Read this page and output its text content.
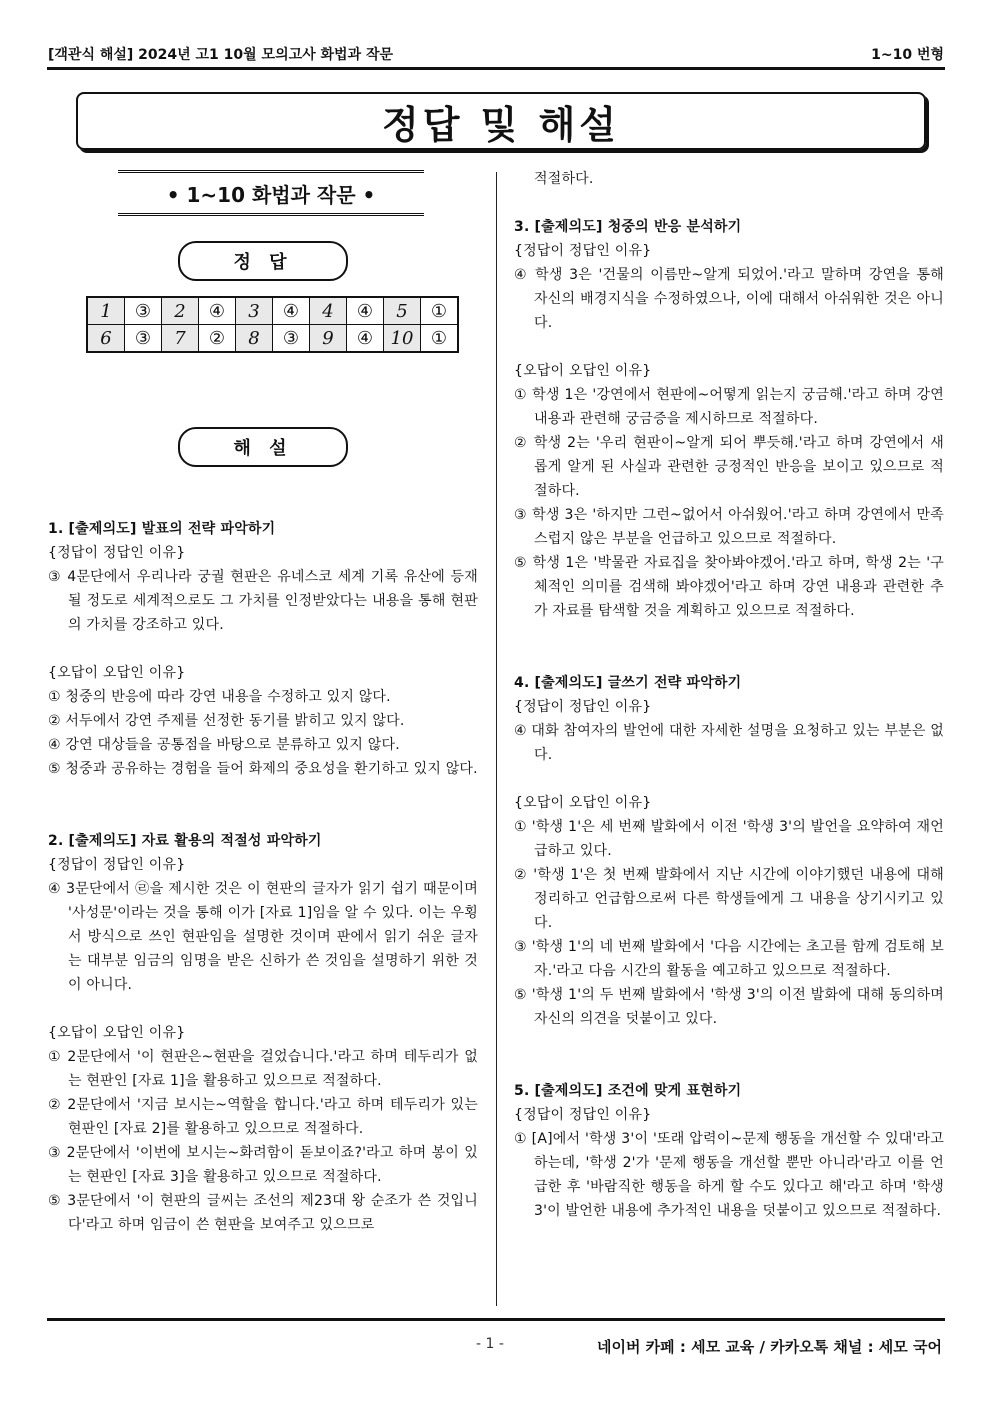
[객관식 해설] 2024년 고1 10월 모의고사 화법과 작문	1~10 번형
정답 및 해설
• 1~10 화법과 작문 •
정 답
1	③	2	④	3	④	4	④	5	①
6	③	7	②	8	③	9	④	10	①
해 설
1. [출제의도] 발표의 전략 파악하기
{정답이 정답인 이유}
③ 4문단에서 우리나라 궁궐 현판은 유네스코 세계 기록 유산에 등재될 정도로 세계적으로도 그 가치를 인정받았다는 내용을 통해 현판의 가치를 강조하고 있다.
{오답이 오답인 이유}
① 청중의 반응에 따라 강연 내용을 수정하고 있지 않다.
② 서두에서 강연 주제를 선정한 동기를 밝히고 있지 않다.
④ 강연 대상들을 공통점을 바탕으로 분류하고 있지 않다.
⑤ 청중과 공유하는 경험을 들어 화제의 중요성을 환기하고 있지 않다.
2. [출제의도] 자료 활용의 적절성 파악하기
{정답이 정답인 이유}
④ 3문단에서 ㉣을 제시한 것은 이 현판의 글자가 읽기 쉽기 때문이며 '사성문'이라는 것을 통해 이가 [자료 1]임을 알 수 있다. 이는 우횡서 방식으로 쓰인 현판임을 설명한 것이며 판에서 읽기 쉬운 글자는 대부분 임금의 임명을 받은 신하가 쓴 것임을 설명하기 위한 것이 아니다.
{오답이 오답인 이유}
① 2문단에서 '이 현판은~현판을 걸었습니다.'라고 하며 테두리가 없는 현판인 [자료 1]을 활용하고 있으므로 적절하다.
② 2문단에서 '지금 보시는~역할을 합니다.'라고 하며 테두리가 있는 현판인 [자료 2]를 활용하고 있으므로 적절하다.
③ 2문단에서 '이번에 보시는~화려함이 돋보이죠?'라고 하며 봉이 있는 현판인 [자료 3]을 활용하고 있으므로 적절하다.
⑤ 3문단에서 '이 현판의 글씨는 조선의 제23대 왕 순조가 쓴 것입니다'라고 하며 임금이 쓴 현판을 보여주고 있으므로
적절하다.
3. [출제의도] 청중의 반응 분석하기
{정답이 정답인 이유}
④ 학생 3은 '건물의 이름만~알게 되었어.'라고 말하며 강연을 통해 자신의 배경지식을 수정하였으나, 이에 대해서 아쉬워한 것은 아니다.
{오답이 오답인 이유}
① 학생 1은 '강연에서 현판에~어떻게 읽는지 궁금해.'라고 하며 강연 내용과 관련해 궁금증을 제시하므로 적절하다.
② 학생 2는 '우리 현판이~알게 되어 뿌듯해.'라고 하며 강연에서 새롭게 알게 된 사실과 관련한 긍정적인 반응을 보이고 있으므로 적절하다.
③ 학생 3은 '하지만 그런~없어서 아쉬웠어.'라고 하며 강연에서 만족스럽지 않은 부분을 언급하고 있으므로 적절하다.
⑤ 학생 1은 '박물관 자료집을 찾아봐야겠어.'라고 하며, 학생 2는 '구체적인 의미를 검색해 봐야겠어'라고 하며 강연 내용과 관련한 추가 자료를 탐색할 것을 계획하고 있으므로 적절하다.
4. [출제의도] 글쓰기 전략 파악하기
{정답이 정답인 이유}
④ 대화 참여자의 발언에 대한 자세한 설명을 요청하고 있는 부분은 없다.
{오답이 오답인 이유}
① '학생 1'은 세 번째 발화에서 이전 '학생 3'의 발언을 요약하여 재언급하고 있다.
② '학생 1'은 첫 번째 발화에서 지난 시간에 이야기했던 내용에 대해 정리하고 언급함으로써 다른 학생들에게 그 내용을 상기시키고 있다.
③ '학생 1'의 네 번째 발화에서 '다음 시간에는 초고를 함께 검토해 보자.'라고 다음 시간의 활동을 예고하고 있으므로 적절하다.
⑤ '학생 1'의 두 번째 발화에서 '학생 3'의 이전 발화에 대해 동의하며 자신의 의견을 덧붙이고 있다.
5. [출제의도] 조건에 맞게 표현하기
{정답이 정답인 이유}
① [A]에서 '학생 3'이 '또래 압력이~문제 행동을 개선할 수 있대'라고 하는데, '학생 2'가 '문제 행동을 개선할 뿐만 아니라'라고 이를 언급한 후 '바람직한 행동을 하게 할 수도 있다고 해'라고 하며 '학생 3'이 발언한 내용에 추가적인 내용을 덧붙이고 있으므로 적절하다.
- 1 -	네이버 카페 : 세모 교육 / 카카오톡 채널 : 세모 국어
